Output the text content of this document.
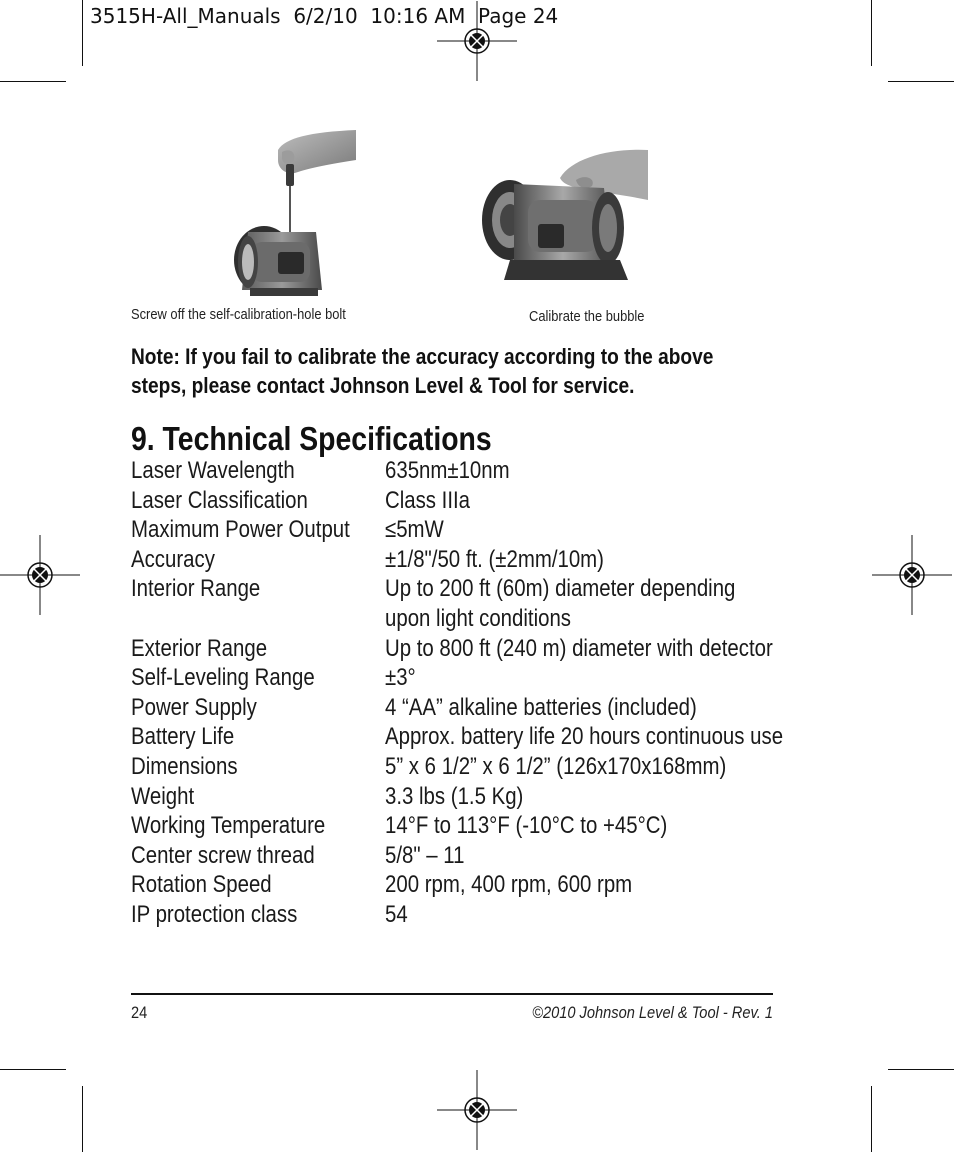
3515H-All_Manuals  6/2/10  10:16 AM  Page 24
Screw off the self-calibration-hole bolt	Calibrate the bubble
Note: If you fail to calibrate the accuracy according to the above steps, please contact Johnson Level & Tool for service.
9. Technical Specifications
Laser Wavelength	635nm±10nm
Laser Classification	Class IIIa
Maximum Power Output ≤5mW
Accuracy	±1/8"/50 ft. (±2mm/10m)
Interior Range	Up to 200 ft (60m) diameter depending upon light conditions
Exterior Range	Up to 800 ft (240 m) diameter with detector
Self-Leveling Range	±3°
Power Supply	4 “AA” alkaline batteries (included)
Battery Life	Approx. battery life 20 hours continuous use
Dimensions	5” x 6 1/2” x 6 1/2” (126x170x168mm)
Weight	3.3 lbs (1.5 Kg)
Working Temperature 14°F to 113°F (-10°C to +45°C)
Center screw thread	5/8" – 11
Rotation Speed	200 rpm, 400 rpm, 600 rpm
IP protection class	54
24	©2010 Johnson Level & Tool - Rev. 1
